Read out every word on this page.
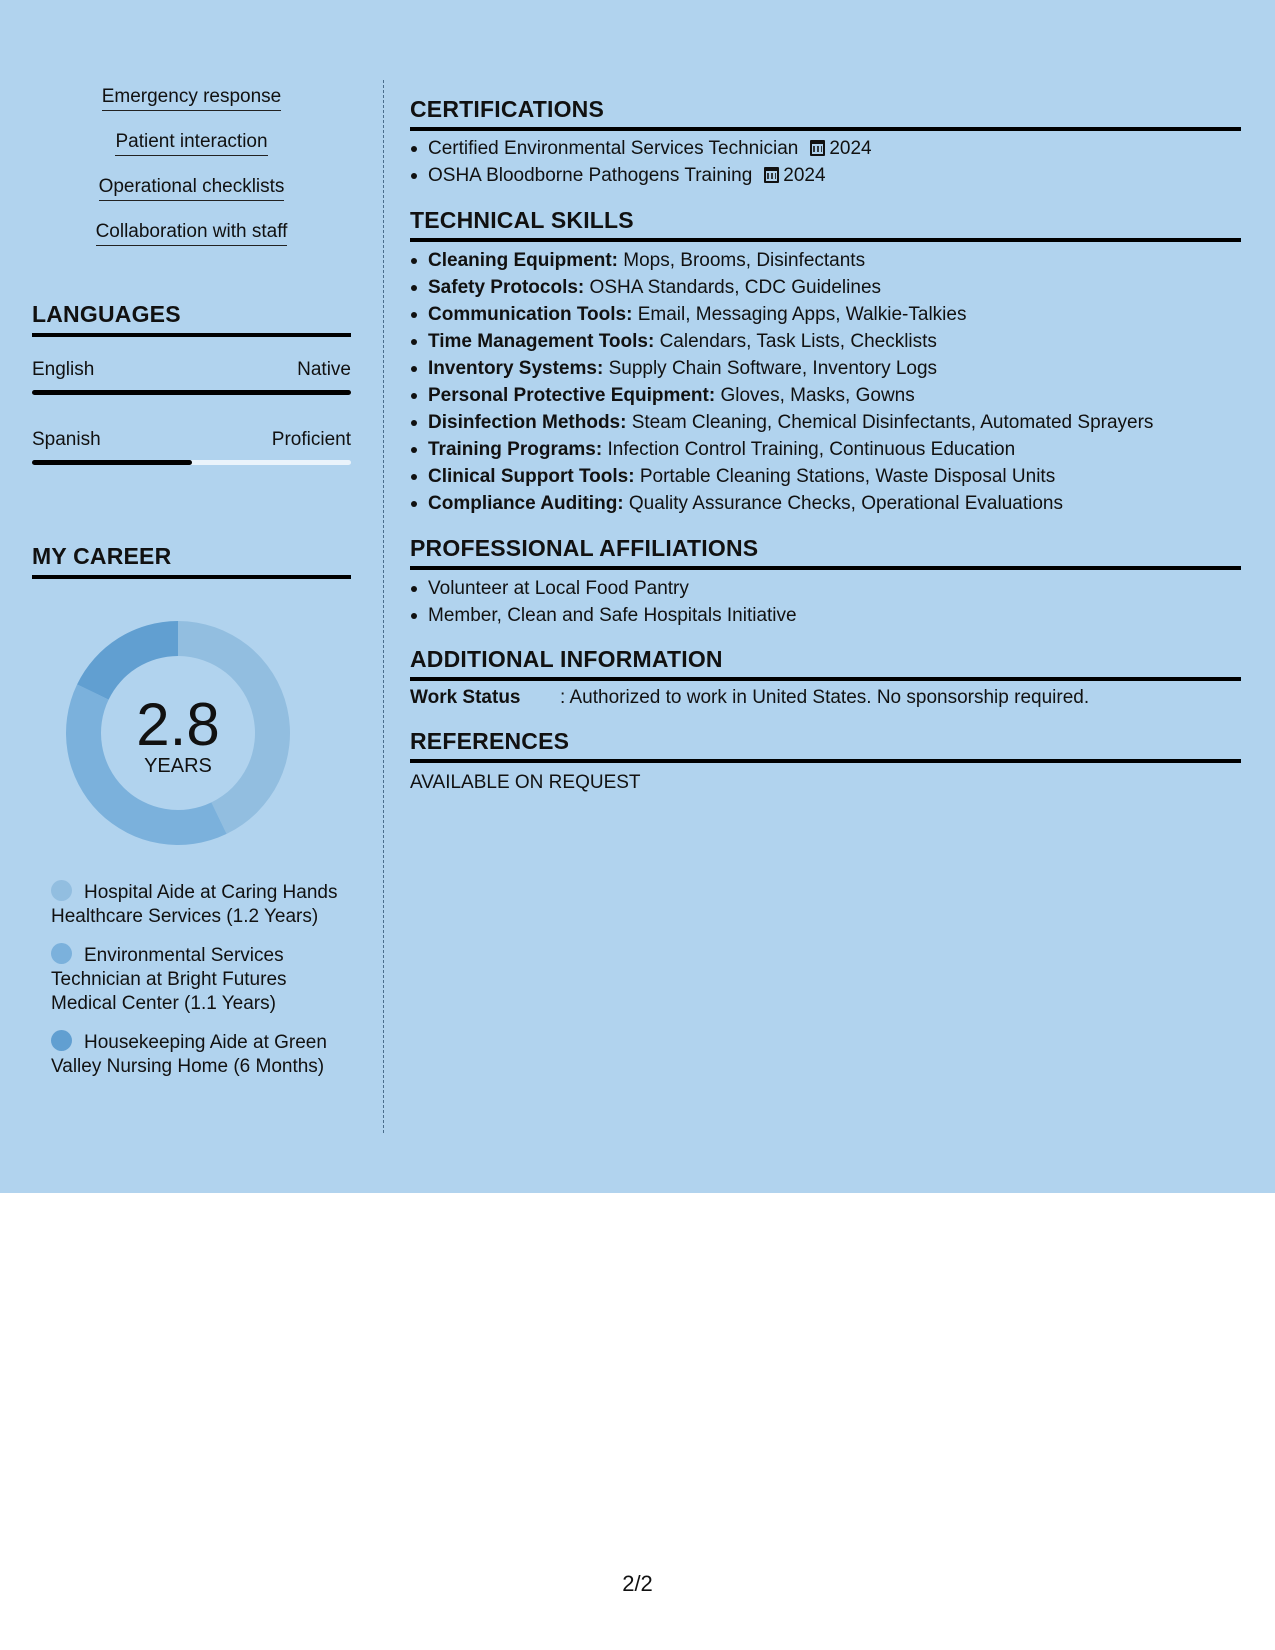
Emergency response
Patient interaction
Operational checklists
Collaboration with staff
LANGUAGES
English	Native
Spanish	Proficient
MY CAREER
2.8
YEARS
Hospital Aide at Caring Hands Healthcare Services (1.2 Years)
Environmental Services Technician at Bright Futures Medical Center (1.1 Years)
Housekeeping Aide at Green Valley Nursing Home (6 Months)
CERTIFICATIONS
Certified Environmental Services Technician 2024
OSHA Bloodborne Pathogens Training 2024
TECHNICAL SKILLS
Cleaning Equipment: Mops, Brooms, Disinfectants
Safety Protocols: OSHA Standards, CDC Guidelines
Communication Tools: Email, Messaging Apps, Walkie-Talkies
Time Management Tools: Calendars, Task Lists, Checklists
Inventory Systems: Supply Chain Software, Inventory Logs
Personal Protective Equipment: Gloves, Masks, Gowns
Disinfection Methods: Steam Cleaning, Chemical Disinfectants, Automated Sprayers
Training Programs: Infection Control Training, Continuous Education
Clinical Support Tools: Portable Cleaning Stations, Waste Disposal Units
Compliance Auditing: Quality Assurance Checks, Operational Evaluations
PROFESSIONAL AFFILIATIONS
Volunteer at Local Food Pantry
Member, Clean and Safe Hospitals Initiative
ADDITIONAL INFORMATION
Work Status : Authorized to work in United States. No sponsorship required.
REFERENCES
AVAILABLE ON REQUEST
2/2
